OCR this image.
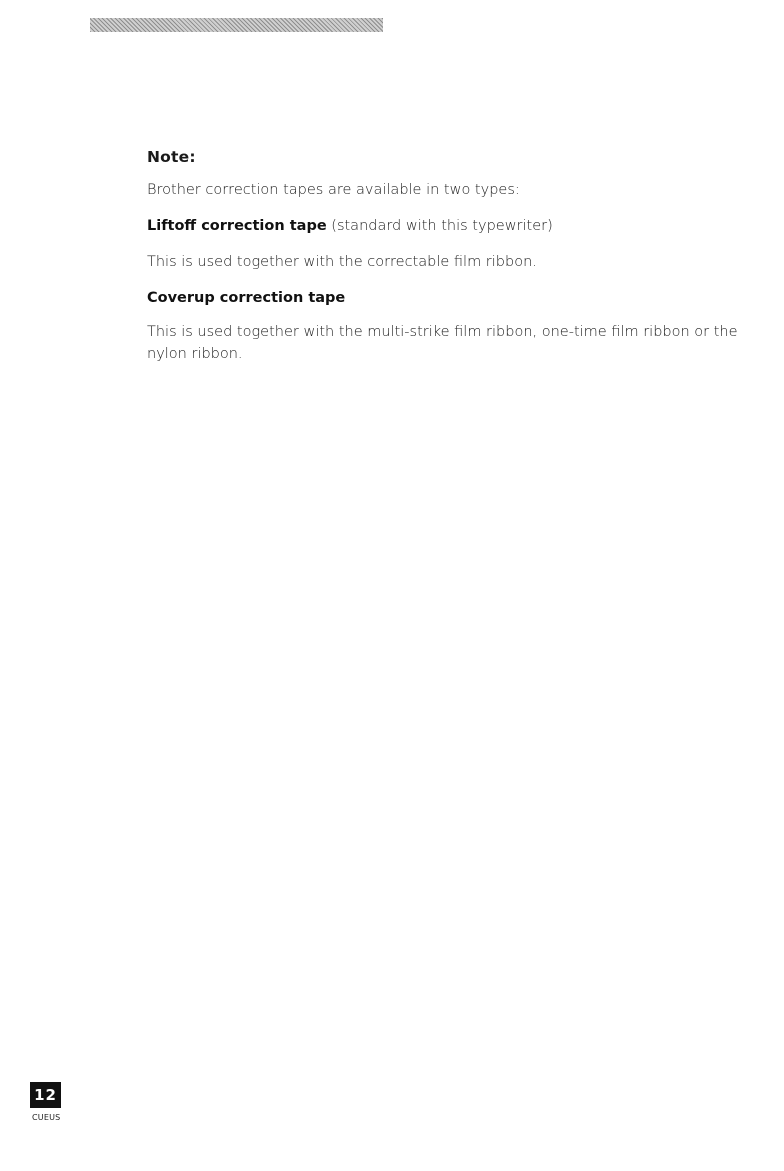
Note:

Brother correction tapes are available in two types:

Liftoff correction tape (standard with this typewriter)

This is used together with the correctable film ribbon.

Coverup correction tape

This is used together with the multi-strike film ribbon, one-time film ribbon or the nylon ribbon.

12
CUEUS
